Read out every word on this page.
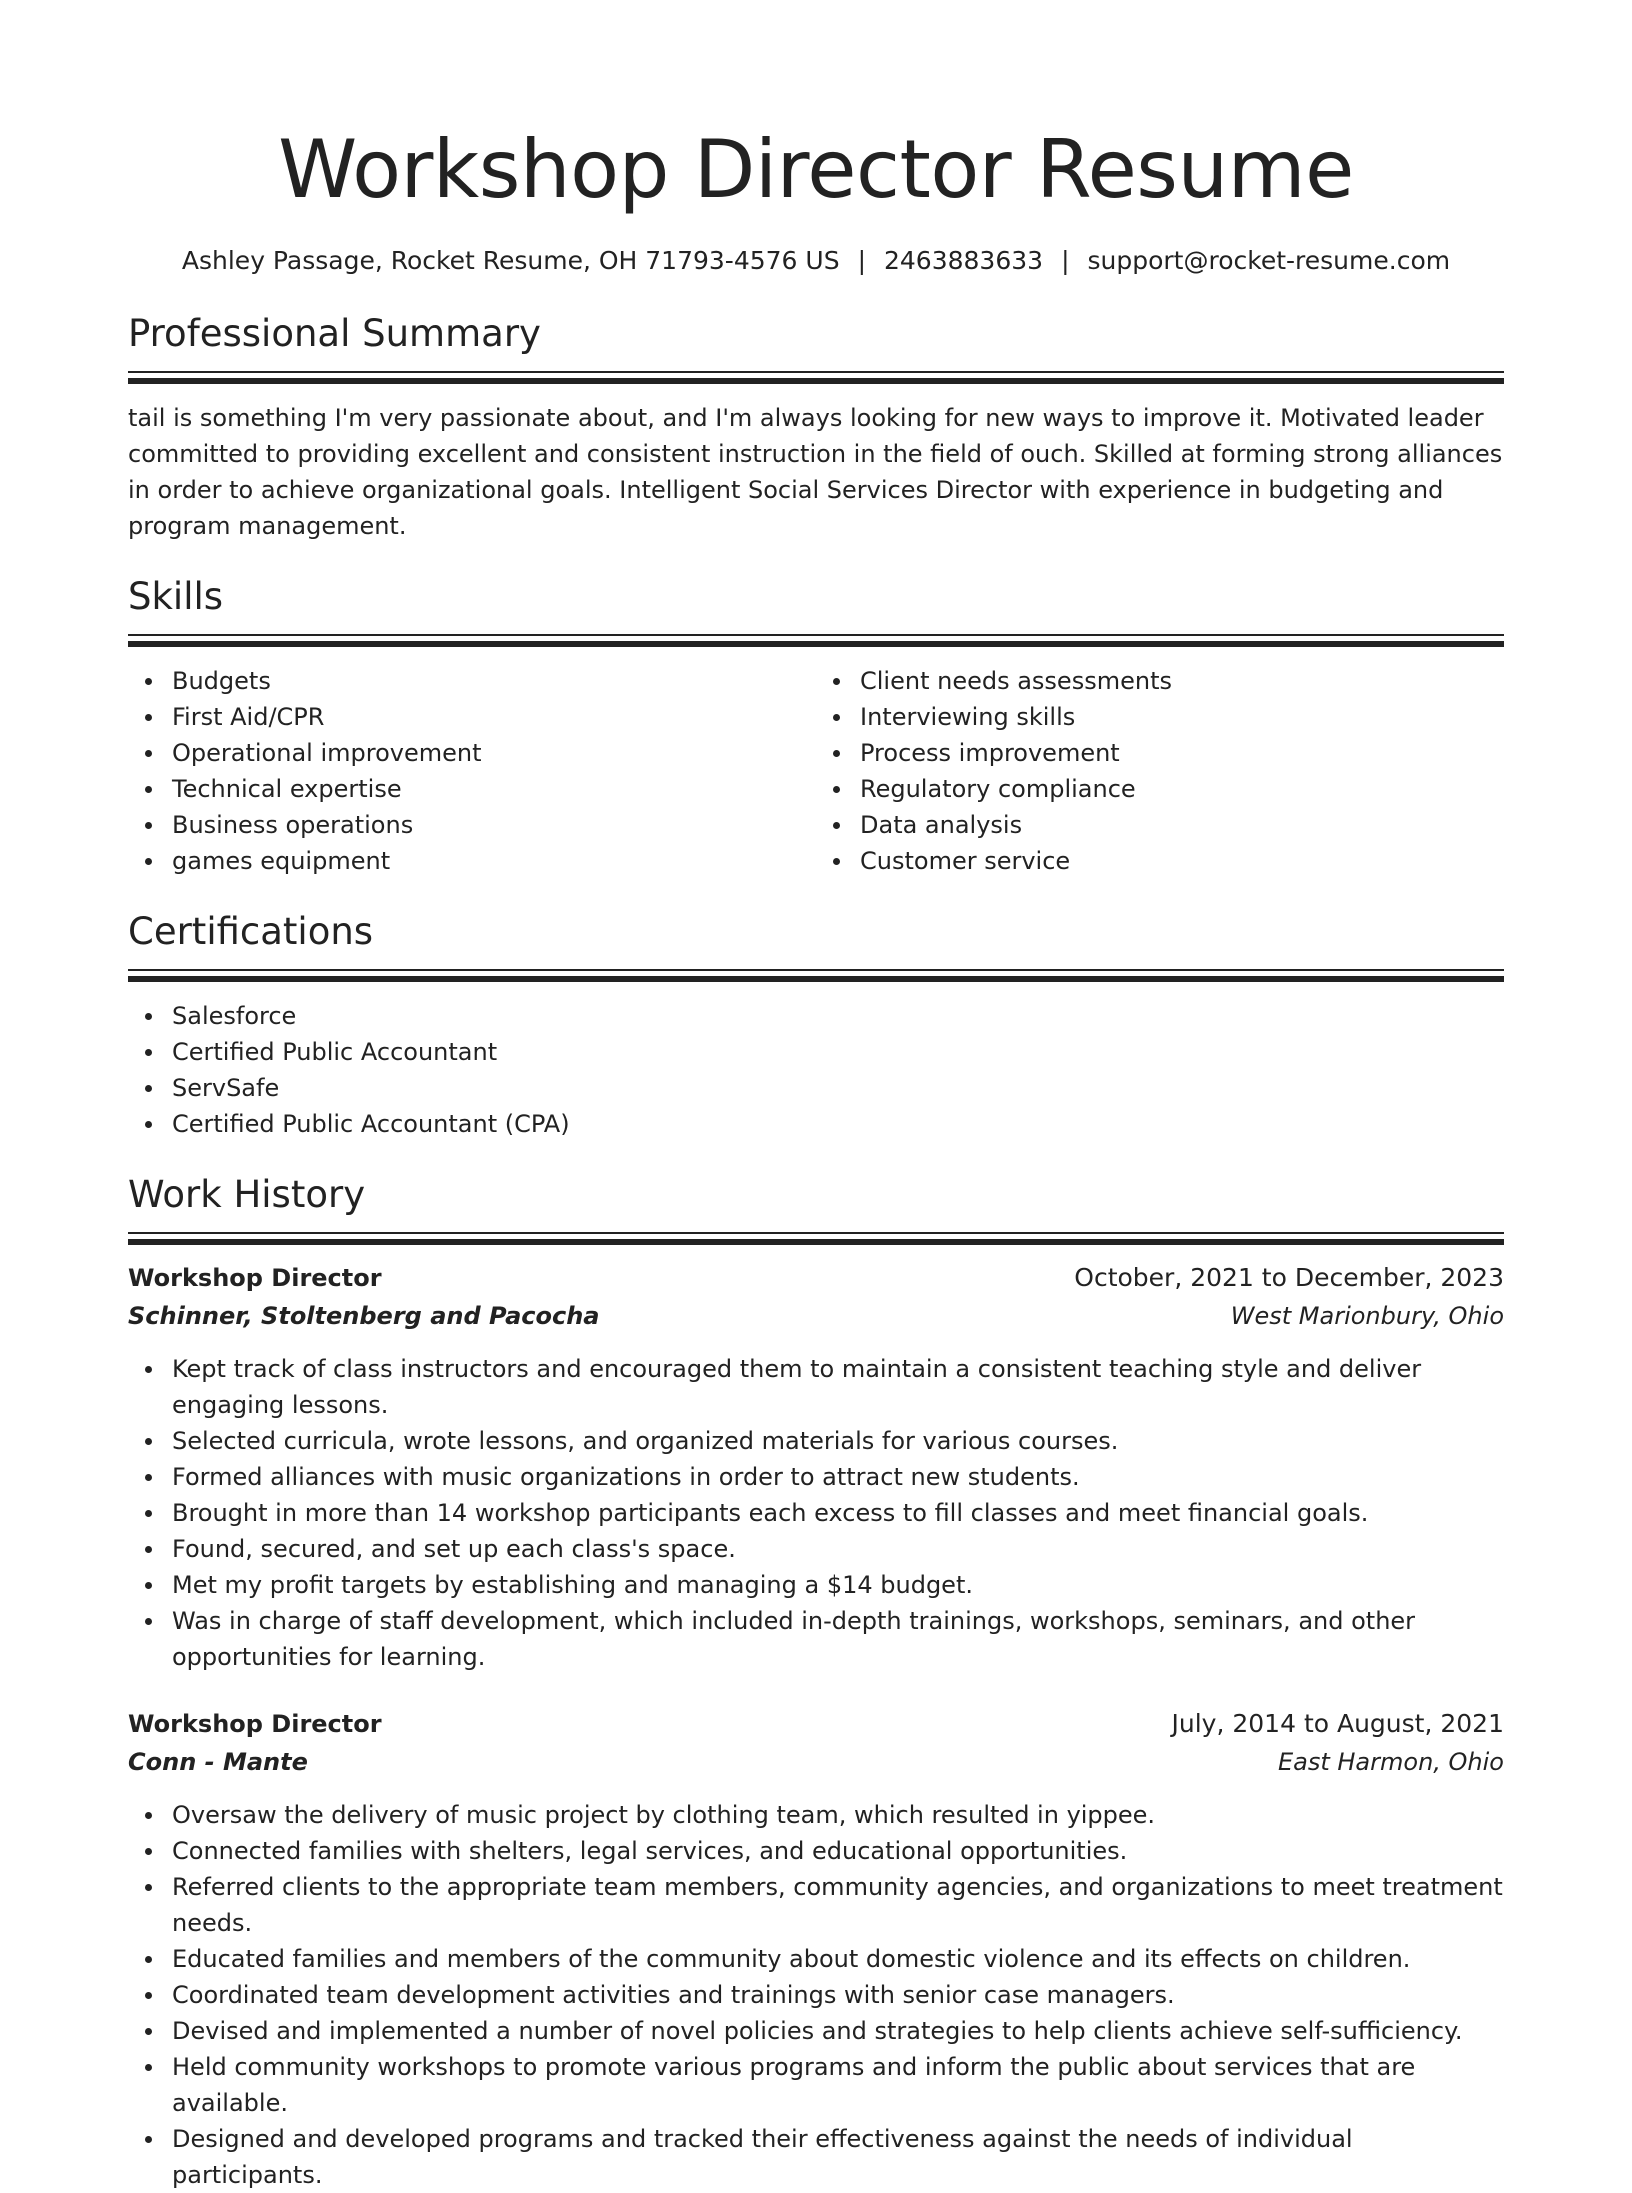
Workshop Director Resume
Ashley Passage, Rocket Resume, OH 71793-4576 US | 2463883633 | support@rocket-resume.com
Professional Summary
tail is something I'm very passionate about, and I'm always looking for new ways to improve it. Motivated leader committed to providing excellent and consistent instruction in the field of ouch. Skilled at forming strong alliances in order to achieve organizational goals. Intelligent Social Services Director with experience in budgeting and program management.
Skills
Budgets
First Aid/CPR
Operational improvement
Technical expertise
Business operations
games equipment
Client needs assessments
Interviewing skills
Process improvement
Regulatory compliance
Data analysis
Customer service
Certifications
Salesforce
Certified Public Accountant
ServSafe
Certified Public Accountant (CPA)
Work History
Workshop Director	October, 2021 to December, 2023
Schinner, Stoltenberg and Pacocha	West Marionbury, Ohio
Kept track of class instructors and encouraged them to maintain a consistent teaching style and deliver engaging lessons.
Selected curricula, wrote lessons, and organized materials for various courses.
Formed alliances with music organizations in order to attract new students.
Brought in more than 14 workshop participants each excess to fill classes and meet financial goals.
Found, secured, and set up each class's space.
Met my profit targets by establishing and managing a $14 budget.
Was in charge of staff development, which included in-depth trainings, workshops, seminars, and other opportunities for learning.
Workshop Director	July, 2014 to August, 2021
Conn - Mante	East Harmon, Ohio
Oversaw the delivery of music project by clothing team, which resulted in yippee.
Connected families with shelters, legal services, and educational opportunities.
Referred clients to the appropriate team members, community agencies, and organizations to meet treatment needs.
Educated families and members of the community about domestic violence and its effects on children.
Coordinated team development activities and trainings with senior case managers.
Devised and implemented a number of novel policies and strategies to help clients achieve self-sufficiency.
Held community workshops to promote various programs and inform the public about services that are available.
Designed and developed programs and tracked their effectiveness against the needs of individual participants.
